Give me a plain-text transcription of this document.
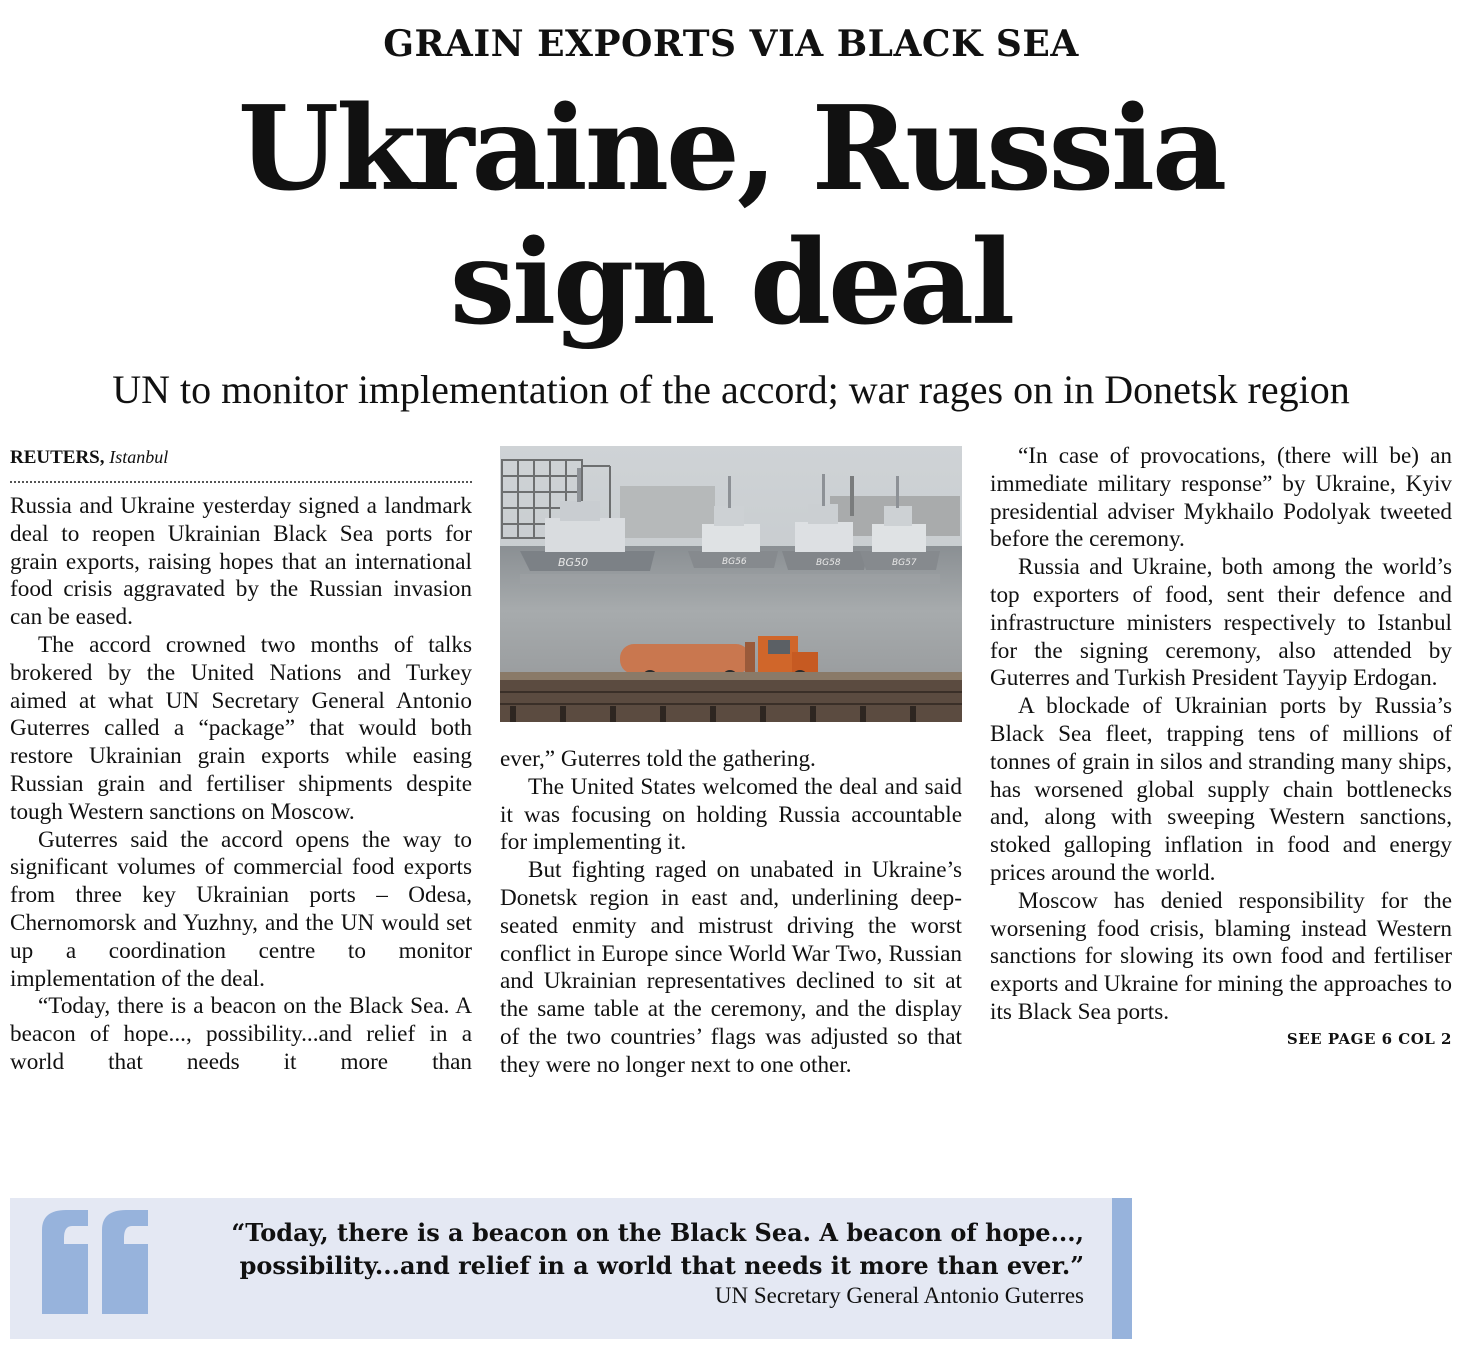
GRAIN EXPORTS VIA BLACK SEA
Ukraine, Russia
sign deal
UN to monitor implementation of the accord; war rages on in Donetsk region
REUTERS, Istanbul

Russia and Ukraine yesterday signed a landmark deal to reopen Ukrainian Black Sea ports for grain exports, raising hopes that an international food crisis aggravated by the Russian invasion can be eased.

The accord crowned two months of talks brokered by the United Nations and Turkey aimed at what UN Secretary General Antonio Guterres called a “package” that would both restore Ukrainian grain exports while easing Russian grain and fertiliser shipments despite tough Western sanctions on Moscow.

Guterres said the accord opens the way to significant volumes of commercial food exports from three key Ukrainian ports – Odesa, Chernomorsk and Yuzhny, and the UN would set up a coordination centre to monitor implementation of the deal.

“Today, there is a beacon on the Black Sea. A beacon of hope..., possibility...and relief in a world that needs it more than

BG50	BG56	BG58	BG57

ever,” Guterres told the gathering.

The United States welcomed the deal and said it was focusing on holding Russia accountable for implementing it.

But fighting raged on unabated in Ukraine’s Donetsk region in east and, underlining deep-seated enmity and mistrust driving the worst conflict in Europe since World War Two, Russian and Ukrainian representatives declined to sit at the same table at the ceremony, and the display of the two countries’ flags was adjusted so that they were no longer next to one other.

“In case of provocations, (there will be) an immediate military response” by Ukraine, Kyiv presidential adviser Mykhailo Podolyak tweeted before the ceremony.

Russia and Ukraine, both among the world’s top exporters of food, sent their defence and infrastructure ministers respectively to Istanbul for the signing ceremony, also attended by Guterres and Turkish President Tayyip Erdogan.

A blockade of Ukrainian ports by Russia’s Black Sea fleet, trapping tens of millions of tonnes of grain in silos and stranding many ships, has worsened global supply chain bottlenecks and, along with sweeping Western sanctions, stoked galloping inflation in food and energy prices around the world.

Moscow has denied responsibility for the worsening food crisis, blaming instead Western sanctions for slowing its own food and fertiliser exports and Ukraine for mining the approaches to its Black Sea ports.

SEE PAGE 6 COL 2
“Today, there is a beacon on the Black Sea. A beacon of hope...,
possibility...and relief in a world that needs it more than ever.”
UN Secretary General Antonio Guterres
